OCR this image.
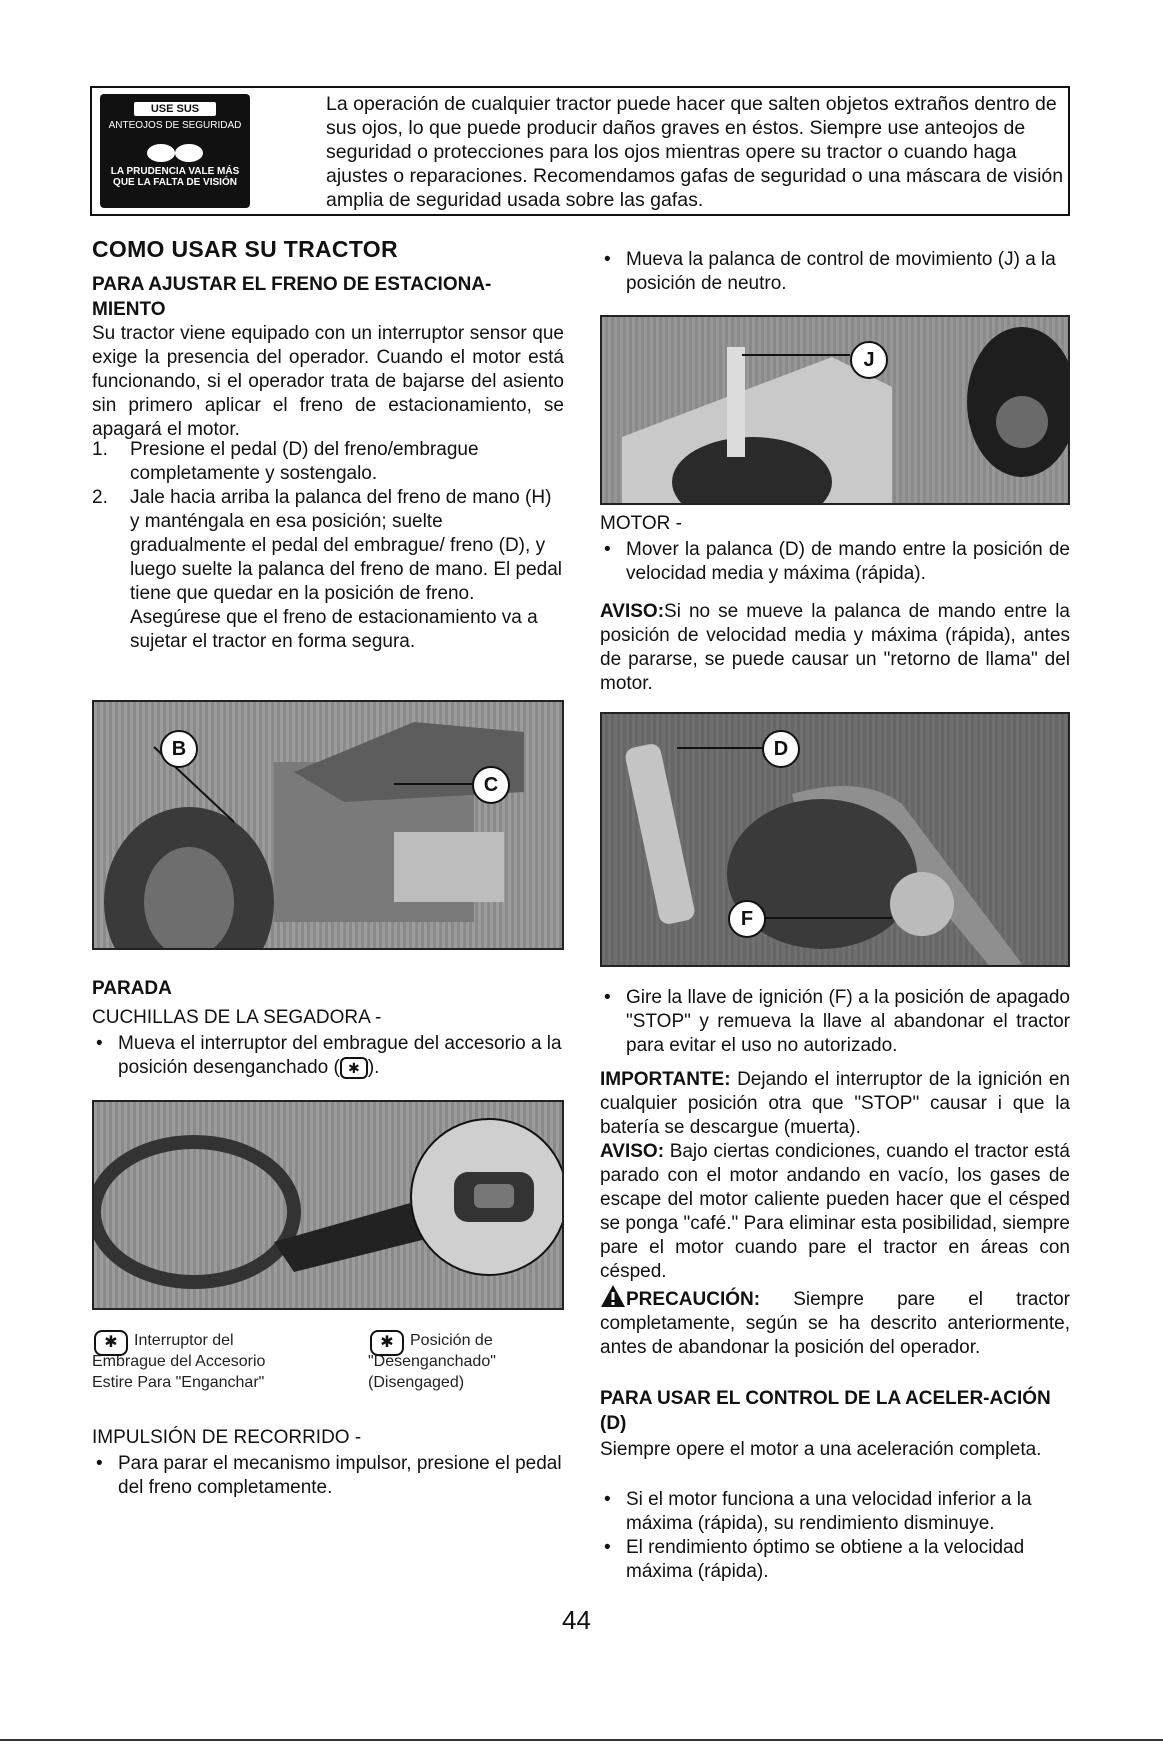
USE SUS
ANTEOJOS DE SEGURIDAD
LA PRUDENCIA VALE MÁS QUE LA FALTA DE VISIÓN
La operación de cualquier tractor puede hacer que salten objetos extraños dentro de sus ojos, lo que puede producir daños graves en éstos. Siempre use anteojos de seguridad o protecciones para los ojos mientras opere su tractor o cuando haga ajustes o reparaciones. Recomendamos gafas de seguridad o una máscara de visión amplia de seguridad usada sobre las gafas.
COMO USAR SU TRACTOR
PARA AJUSTAR EL FRENO DE ESTACIONA-MIENTO
Su tractor viene equipado con un interruptor sensor que exige la presencia del operador. Cuando el motor está funcionando, si el operador trata de bajarse del asiento sin primero aplicar el freno de estacionamiento, se apagará el motor.
1. Presione el pedal (D) del freno/embrague completamente y sostengalo.
2. Jale hacia arriba la palanca del freno de mano (H) y manténgala en esa posición; suelte gradualmente el pedal del embrague/ freno (D), y luego suelte la palanca del freno de mano. El pedal tiene que quedar en la posición de freno. Asegúrese que el freno de estacionamiento va a sujetar el tractor en forma segura.
B
C
PARADA
CUCHILLAS DE LA SEGADORA -
• Mueva el interruptor del embrague del accesorio a la posición desenganchado ( ✱ ).
✱	Interruptor del
Embrague del Accesorio
Estire Para "Enganchar"
✱	Posición de
"Desenganchado"
(Disengaged)
IMPULSIÓN DE RECORRIDO -
• Para parar el mecanismo impulsor, presione el pedal del freno completamente.
• Mueva la palanca de control de movimiento (J) a la posición de neutro.
J
MOTOR -
• Mover la palanca (D) de mando entre la posición de velocidad media y máxima (rápida).
AVISO:Si no se mueve la palanca de mando entre la posición de velocidad media y máxima (rápida), antes de pararse, se puede causar un "retorno de llama" del motor.
D
F
• Gire la llave de ignición (F) a la posición de apagado "STOP" y remueva la llave al abandonar el tractor para evitar el uso no autorizado.
IMPORTANTE: Dejando el interruptor de la ignición en cualquier posición otra que "STOP" causar i que la batería se descargue (muerta).
AVISO: Bajo ciertas condiciones, cuando el tractor está parado con el motor andando en vacío, los gases de escape del motor caliente pueden hacer que el césped se ponga "café." Para eliminar esta posibilidad, siempre pare el motor cuando pare el tractor en áreas con césped.
PRECAUCIÓN: Siempre pare el tractor completamente, según se ha descrito anteriormente, antes de abandonar la posición del operador.
PARA USAR EL CONTROL DE LA ACELER-ACIÓN (D)
Siempre opere el motor a una aceleración completa.
• Si el motor funciona a una velocidad inferior a la máxima (rápida), su rendimiento disminuye.
• El rendimiento óptimo se obtiene a la velocidad máxima (rápida).
44
